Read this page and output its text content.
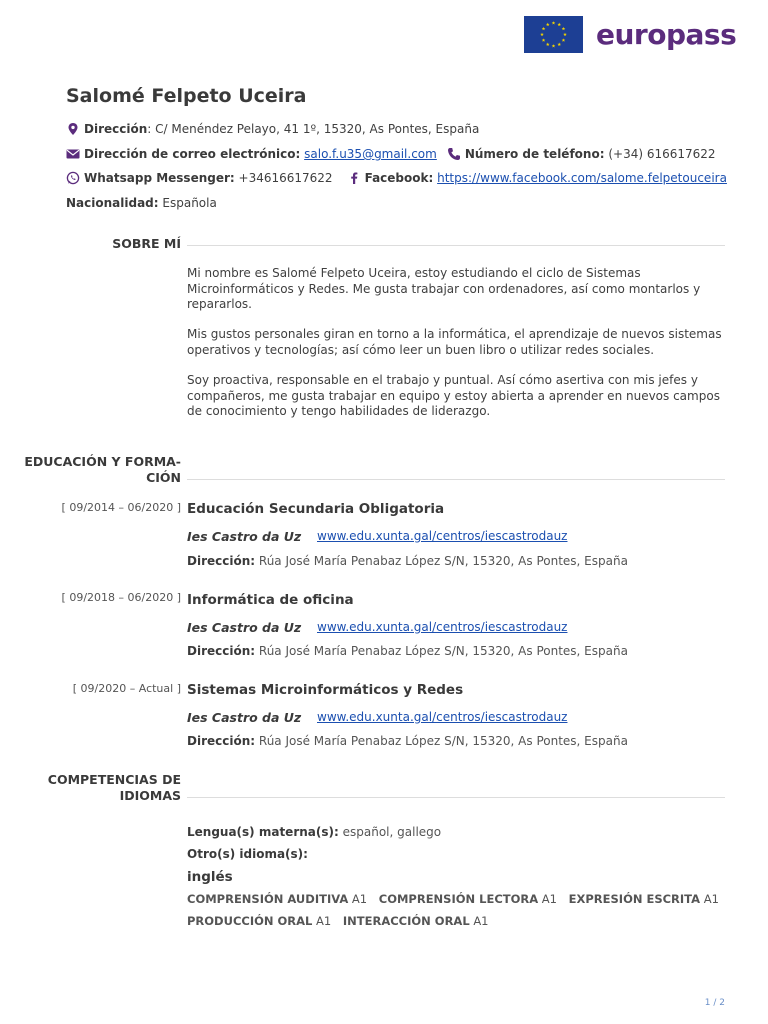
europass
Salomé Felpeto Uceira
Dirección : C/ Menéndez Pelayo, 41 1º, 15320, As Pontes, España
Dirección de correo electrónico:
salo.f.u35@gmail.com Número de teléfono:
(+34) 616617622
Whatsapp Messenger:
+34616617622	Facebook:
https://www.facebook.com/salome.felpetouceira
Nacionalidad:
Española
SOBRE MÍ
Mi nombre es Salomé Felpeto Uceira, estoy estudiando el ciclo de Sistemas Microinformáticos y Redes. Me gusta trabajar con ordenadores, así como montarlos y repararlos.
Mis gustos personales giran en torno a la informática, el aprendizaje de nuevos sistemas operativos y tecnologías; así cómo leer un buen libro o utilizar redes sociales.
Soy proactiva, responsable en el trabajo y puntual. Así cómo asertiva con mis jefes y compañeros, me gusta trabajar en equipo y estoy abierta a aprender en nuevos campos de conocimiento y tengo habilidades de liderazgo.
EDUCACIÓN Y FORMA-
CIÓN
[ 09/2014 – 06/2020 ] Educación Secundaria Obligatoria
Ies Castro da Uz	www.edu.xunta.gal/centros/iescastrodauz
Dirección: Rúa José María Penabaz López S/N, 15320, As Pontes, España
[ 09/2018 – 06/2020 ] Informática de oficina
Ies Castro da Uz	www.edu.xunta.gal/centros/iescastrodauz
Dirección: Rúa José María Penabaz López S/N, 15320, As Pontes, España
[ 09/2020 – Actual ] Sistemas Microinformáticos y Redes
Ies Castro da Uz	www.edu.xunta.gal/centros/iescastrodauz
Dirección: Rúa José María Penabaz López S/N, 15320, As Pontes, España
COMPETENCIAS DE
IDIOMAS
Lengua(s) materna(s): español, gallego
Otro(s) idioma(s):
inglés
COMPRENSIÓN AUDITIVA A1 COMPRENSIÓN LECTORA A1 EXPRESIÓN ESCRITA A1
PRODUCCIÓN ORAL A1 INTERACCIÓN ORAL A1
1 / 2
